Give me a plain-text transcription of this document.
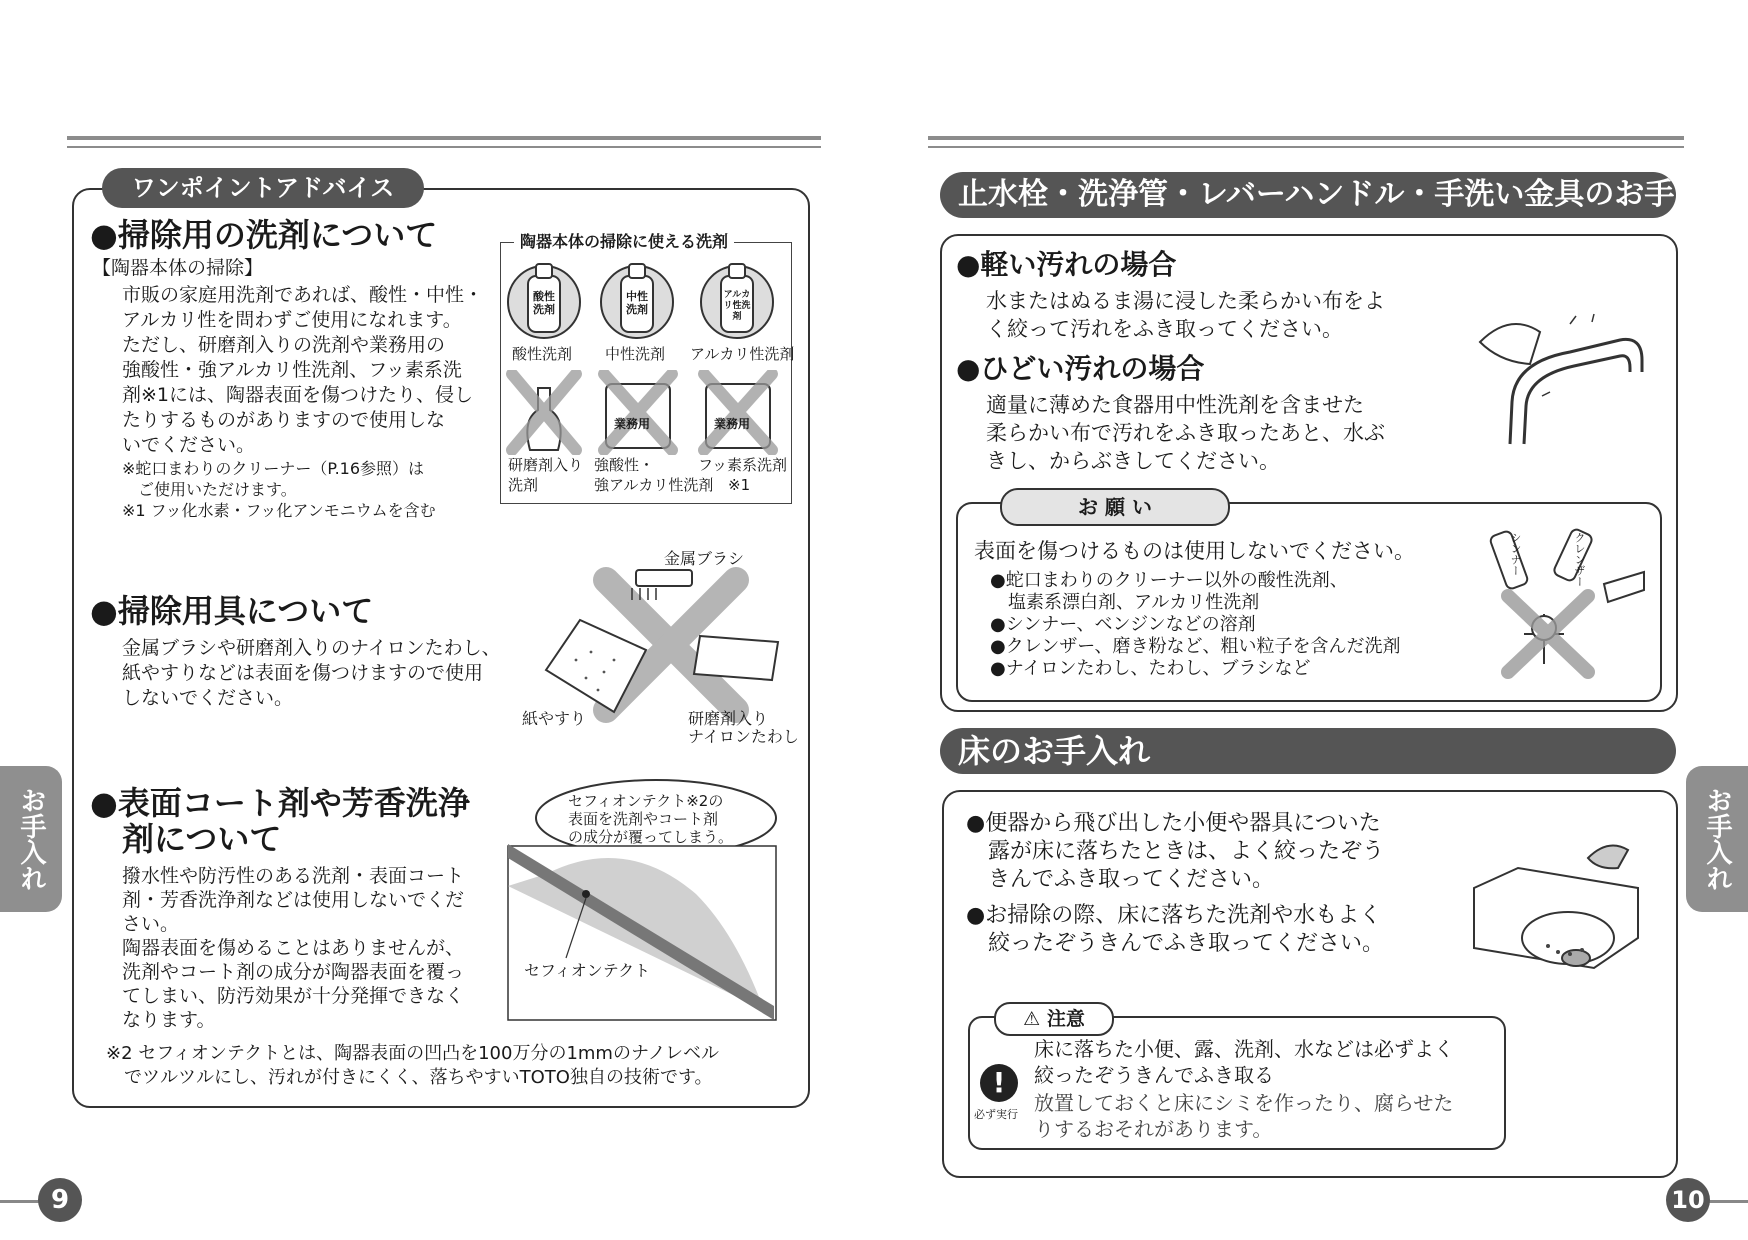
ワンポイントアドバイス
●掃除用の洗剤について
【陶器本体の掃除】
市販の家庭用洗剤であれば、酸性・中性・
アルカリ性を問わずご使用になれます。
ただし、研磨剤入りの洗剤や業務用の
強酸性・強アルカリ性洗剤、フッ素系洗
剤※1には、陶器表面を傷つけたり、侵し
たりするものがありますので使用しな
いでください。
※蛇口まわりのクリーナー（P.16参照）は
　ご使用いただけます。
※1 フッ化水素・フッ化アンモニウムを含む
陶器本体の掃除に使える洗剤
酸性洗剤
中性洗剤
アルカリ性洗剤
酸性洗剤 中性洗剤 アルカリ性洗剤
業務用	業務用
研磨剤入り
洗剤
強酸性・
強アルカリ性洗剤
フッ素系洗剤
※1
●掃除用具について
金属ブラシや研磨剤入りのナイロンたわし、
紙やすりなどは表面を傷つけますので使用
しないでください。
金属ブラシ
紙やすり	研磨剤入り
ナイロンたわし
●表面コート剤や芳香洗浄
剤について
撥水性や防汚性のある洗剤・表面コート
剤・芳香洗浄剤などは使用しないでくだ
さい。
陶器表面を傷めることはありませんが、
洗剤やコート剤の成分が陶器表面を覆っ
てしまい、防汚効果が十分発揮できなく
なります。
セフィオンテクト※2の
表面を洗剤やコート剤
の成分が覆ってしまう。
セフィオンテクト
※2 セフィオンテクトとは、陶器表面の凹凸を100万分の1mmのナノレベル
　でツルツルにし、汚れが付きにくく、落ちやすいTOTO独自の技術です。
お手入れ
9
止水栓・洗浄管・レバーハンドル・手洗い金具のお手
●軽い汚れの場合
水またはぬるま湯に浸した柔らかい布をよ
く絞って汚れをふき取ってください。
●ひどい汚れの場合
適量に薄めた食器用中性洗剤を含ませた
柔らかい布で汚れをふき取ったあと、水ぶ
きし、からぶきしてください。
お 願 い
表面を傷つけるものは使用しないでください。
●蛇口まわりのクリーナー以外の酸性洗剤、
　塩素系漂白剤、アルカリ性洗剤
●シンナー、ベンジンなどの溶剤
●クレンザー、磨き粉など、粗い粒子を含んだ洗剤
●ナイロンたわし、たわし、ブラシなど
シンナー	クレンザー
床のお手入れ
●便器から飛び出した小便や器具についた
　露が床に落ちたときは、よく絞ったぞう
　きんでふき取ってください。
●お掃除の際、床に落ちた洗剤や水もよく
　絞ったぞうきんでふき取ってください。
⚠ 注意
!
必ず実行
床に落ちた小便、露、洗剤、水などは必ずよく
絞ったぞうきんでふき取る
放置しておくと床にシミを作ったり、腐らせた
りするおそれがあります。
お手入れ
10
